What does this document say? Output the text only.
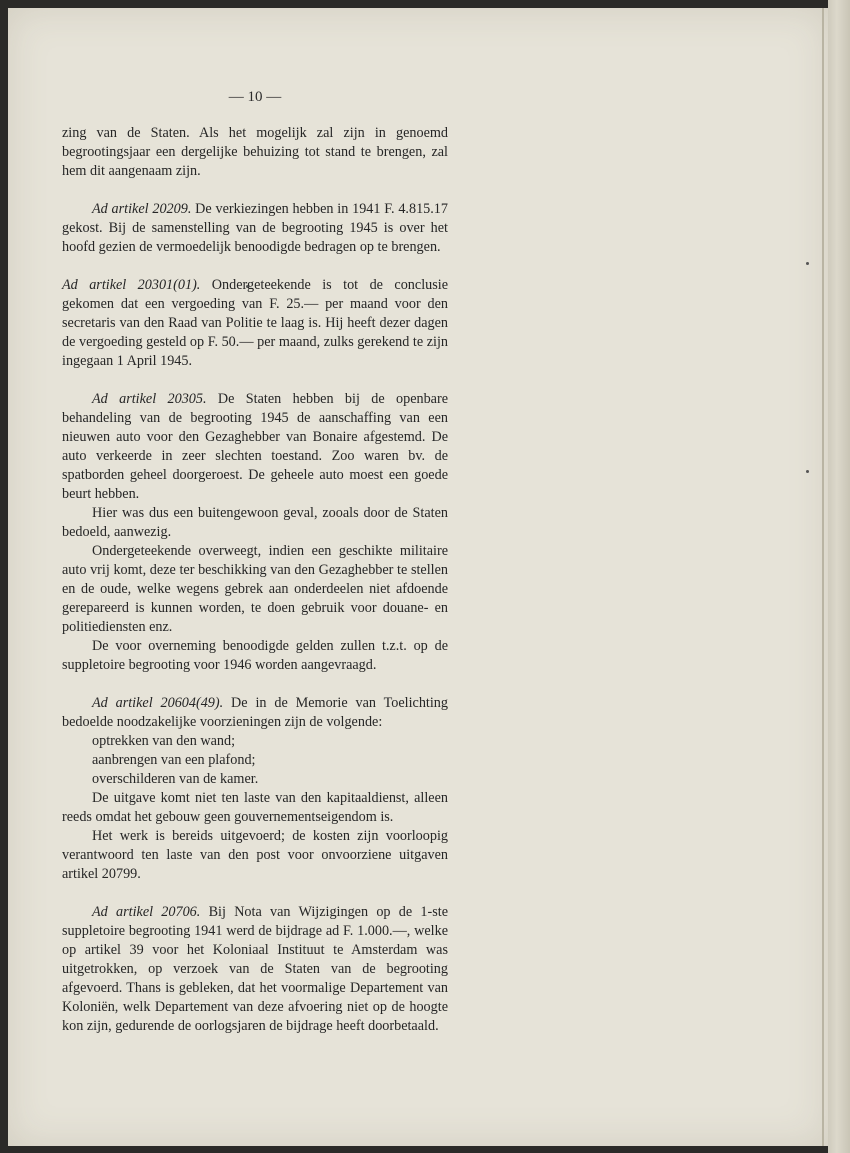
— 10 —

zing van de Staten. Als het mogelijk zal zijn in genoemd begrootingsjaar een dergelijke behuizing tot stand te brengen, zal hem dit aangenaam zijn.

Ad artikel 20209. De verkiezingen hebben in 1941 F. 4.815.17 gekost. Bij de samenstelling van de begrooting 1945 is over het hoofd gezien de vermoedelijk benoodigde bedragen op te brengen.

Ad artikel 20301(01). Ondergeteekende is tot de conclusie gekomen dat een vergoeding van F. 25.— per maand voor den secretaris van den Raad van Politie te laag is. Hij heeft dezer dagen de vergoeding gesteld op F. 50.— per maand, zulks gerekend te zijn ingegaan 1 April 1945.

Ad artikel 20305. De Staten hebben bij de openbare behandeling van de begrooting 1945 de aanschaffing van een nieuwen auto voor den Gezaghebber van Bonaire afgestemd. De auto verkeerde in zeer slechten toestand. Zoo waren bv. de spatborden geheel doorgeroest. De geheele auto moest een goede beurt hebben.

Hier was dus een buitengewoon geval, zooals door de Staten bedoeld, aanwezig.

Ondergeteekende overweegt, indien een geschikte militaire auto vrij komt, deze ter beschikking van den Gezaghebber te stellen en de oude, welke wegens gebrek aan onderdeelen niet afdoende gerepareerd is kunnen worden, te doen gebruik voor douane- en politiediensten enz.

De voor overneming benoodigde gelden zullen t.z.t. op de suppletoire begrooting voor 1946 worden aangevraagd.

Ad artikel 20604(49). De in de Memorie van Toelichting bedoelde noodzakelijke voorzieningen zijn de volgende:

optrekken van den wand;

aanbrengen van een plafond;

overschilderen van de kamer.

De uitgave komt niet ten laste van den kapitaaldienst, alleen reeds omdat het gebouw geen gouvernementseigendom is.

Het werk is bereids uitgevoerd; de kosten zijn voorloopig verantwoord ten laste van den post voor onvoorziene uitgaven artikel 20799.

Ad artikel 20706. Bij Nota van Wijzigingen op de 1-ste suppletoire begrooting 1941 werd de bijdrage ad F. 1.000.—, welke op artikel 39 voor het Koloniaal Instituut te Amsterdam was uitgetrokken, op verzoek van de Staten van de begrooting afgevoerd. Thans is gebleken, dat het voormalige Departement van Koloniën, welk Departement van deze afvoering niet op de hoogte kon zijn, gedurende de oorlogsjaren de bijdrage heeft doorbetaald.
